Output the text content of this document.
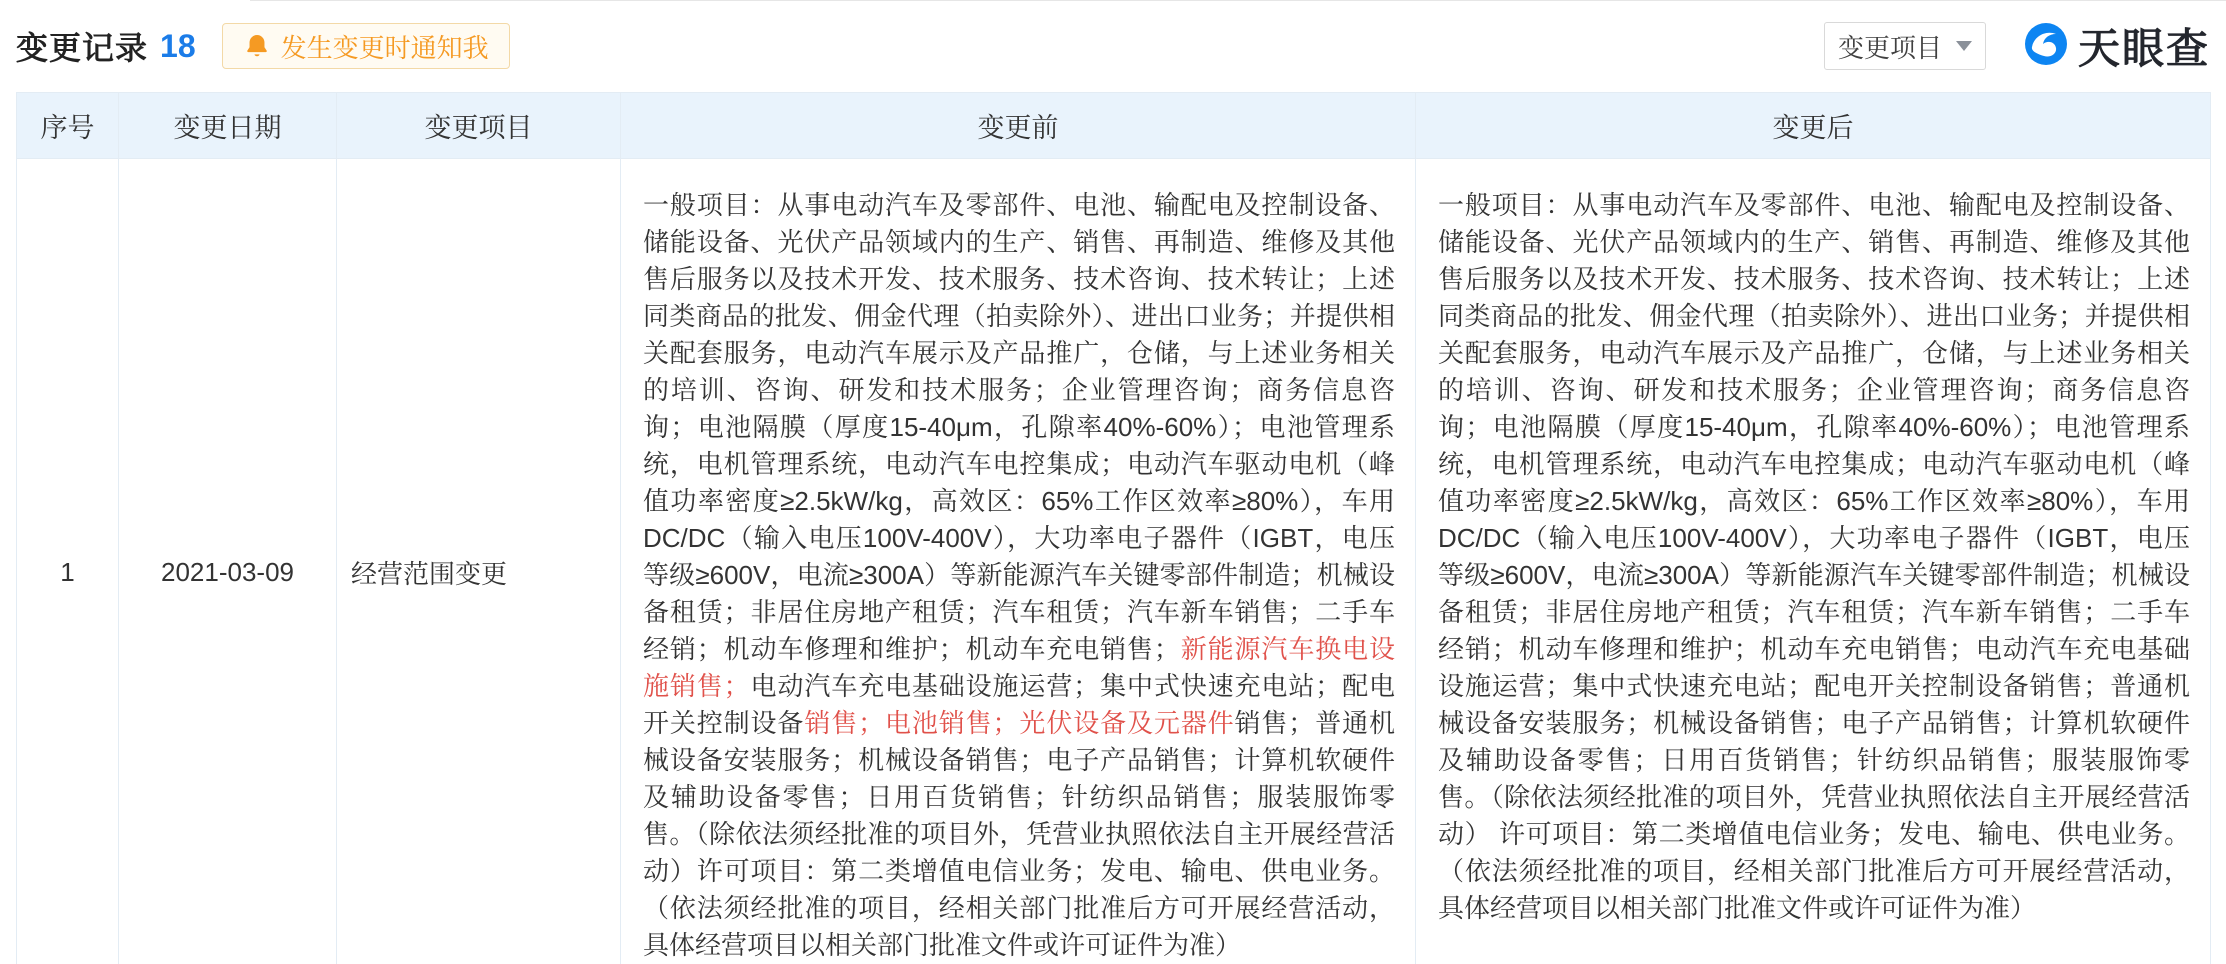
变更记录 18	发生变更时通知我	变更项目	天眼查
序号	变更日期	变更项目	变更前	变更后
1	2021-03-09	经营范围变更	一般项目：从事电动汽车及零部件、电池、输配电及控制设备、储能设备、光伏产品领域内的生产、销售、再制造、维修及其他售后服务以及技术开发、技术服务、技术咨询、技术转让；上述同类商品的批发、佣金代理（拍卖除外）、进出口业务；并提供相关配套服务，电动汽车展示及产品推广，仓储，与上述业务相关的培训、咨询、研发和技术服务；企业管理咨询；商务信息咨询；电池隔膜（厚度15-40μm，孔隙率40%-60%）；电池管理系统，电机管理系统，电动汽车电控集成；电动汽车驱动电机（峰值功率密度≥2.5kW/kg，高效区：65%工作区效率≥80%），车用DC/DC（输入电压100V-400V），大功率电子器件（IGBT，电压等级≥600V，电流≥300A）等新能源汽车关键零部件制造；机械设备租赁；非居住房地产租赁；汽车租赁；汽车新车销售；二手车经销；机动车修理和维护；机动车充电销售；新能源汽车换电设施销售；电动汽车充电基础设施运营；集中式快速充电站；配电开关控制设备销售；电池销售；光伏设备及元器件销售；普通机械设备安装服务；机械设备销售；电子产品销售；计算机软硬件及辅助设备零售；日用百货销售；针纺织品销售；服装服饰零售。（除依法须经批准的项目外，凭营业执照依法自主开展经营活动）许可项目：第二类增值电信业务；发电、输电、供电业务。（依法须经批准的项目，经相关部门批准后方可开展经营活动，具体经营项目以相关部门批准文件或许可证件为准）	一般项目：从事电动汽车及零部件、电池、输配电及控制设备、储能设备、光伏产品领域内的生产、销售、再制造、维修及其他售后服务以及技术开发、技术服务、技术咨询、技术转让；上述同类商品的批发、佣金代理（拍卖除外）、进出口业务；并提供相关配套服务，电动汽车展示及产品推广，仓储，与上述业务相关的培训、咨询、研发和技术服务；企业管理咨询；商务信息咨询；电池隔膜（厚度15-40μm，孔隙率40%-60%）；电池管理系统，电机管理系统，电动汽车电控集成；电动汽车驱动电机（峰值功率密度≥2.5kW/kg，高效区：65%工作区效率≥80%），车用DC/DC（输入电压100V-400V），大功率电子器件（IGBT，电压等级≥600V，电流≥300A）等新能源汽车关键零部件制造；机械设备租赁；非居住房地产租赁；汽车租赁；汽车新车销售；二手车经销；机动车修理和维护；机动车充电销售；电动汽车充电基础设施运营；集中式快速充电站；配电开关控制设备销售；普通机械设备安装服务；机械设备销售；电子产品销售；计算机软硬件及辅助设备零售；日用百货销售；针纺织品销售；服装服饰零售。（除依法须经批准的项目外，凭营业执照依法自主开展经营活动） 许可项目：第二类增值电信业务；发电、输电、供电业务。（依法须经批准的项目，经相关部门批准后方可开展经营活动，具体经营项目以相关部门批准文件或许可证件为准）
